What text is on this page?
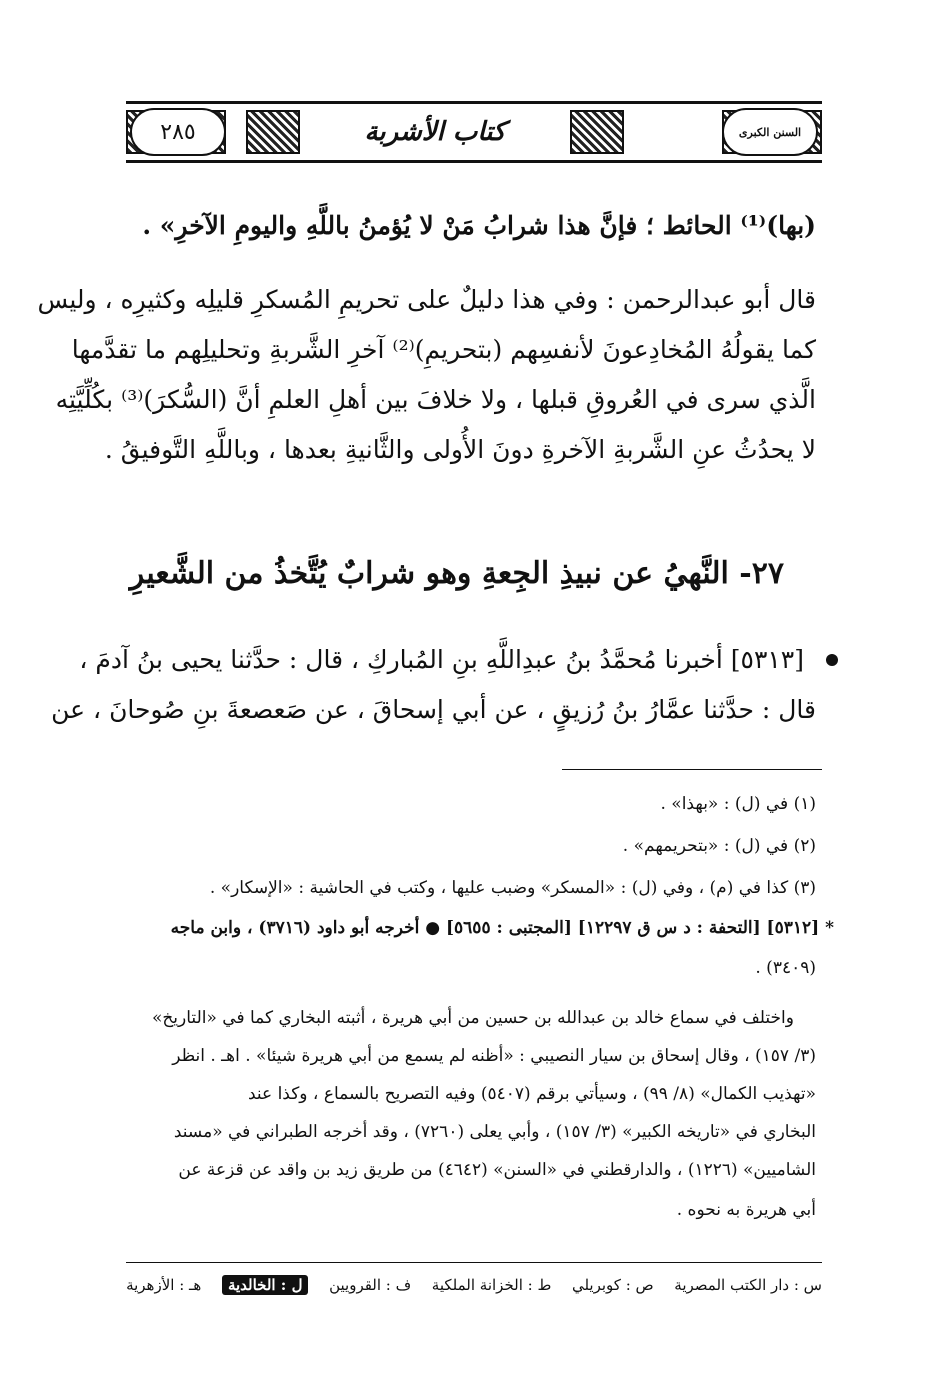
السنن الكبرى
كتاب الأشربة
٢٨٥
(بها)⁽¹⁾ الحائط ؛ فإنَّ هذا شرابُ مَنْ لا يُؤمنُ باللَّهِ واليومِ الآخرِ» .
قال أبو عبدالرحمن : وفي هذا دليلٌ على تحريمِ المُسكرِ قليلِه وكثيرِه ، وليس
كما يقولُهُ المُخادِعونَ لأنفسِهم (بتحريمِ)⁽²⁾ آخرِ الشَّربةِ وتحليلِهم ما تقدَّمها
الَّذي سرى في العُروقِ قبلها ، ولا خلافَ بين أهلِ العلمِ أنَّ (السُّكرَ)⁽³⁾ بكُلِّيَّتِه
لا يحدُثُ عنِ الشَّربةِ الآخرةِ دونَ الأُولى والثَّانيةِ بعدها ، وباللَّهِ التَّوفيقُ .
٢٧- النَّهيُ عن نبيذِ الجِعةِ وهو شرابٌ يُتَّخذُ من الشَّعيرِ
[٥٣١٣] أخبرنا مُحمَّدُ بنُ عبدِاللَّهِ بنِ المُباركِ ، قال : حدَّثنا يحيى بنُ آدمَ ،
قال : حدَّثنا عمَّارُ بنُ رُزيقٍ ، عن أبي إسحاقَ ، عن صَعصعةَ بنِ صُوحانَ ، عن
(١) في (ل) : «بهذا» .
(٢) في (ل) : «بتحريمهم» .
(٣) كذا في (م) ، وفي (ل) : «المسكر» وضبب عليها ، وكتب في الحاشية : «الإسكار» .
* [٥٣١٢] [التحفة : د س ق ١٢٢٩٧] [المجتبى : ٥٦٥٥] ● أخرجه أبو داود (٣٧١٦) ، وابن ماجه
(٣٤٠٩) .
واختلف في سماع خالد بن عبدالله بن حسين من أبي هريرة ، أثبته البخاري كما في «التاريخ»
(٣/ ١٥٧) ، وقال إسحاق بن سيار النصيبي : «أظنه لم يسمع من أبي هريرة شيئا» . اهـ . انظر
«تهذيب الكمال» (٨/ ٩٩) ، وسيأتي برقم (٥٤٠٧) وفيه التصريح بالسماع ، وكذا عند
البخاري في «تاريخه الكبير» (٣/ ١٥٧) ، وأبي يعلى (٧٢٦٠) ، وقد أخرجه الطبراني في «مسند
الشاميين» (١٢٢٦) ، والدارقطني في «السنن» (٤٦٤٢) من طريق زيد بن واقد عن قزعة عن
أبي هريرة به نحوه .
س : دار الكتب المصرية
ص : كوبريلي
ط : الخزانة الملكية
ف : القرويين
ل : الخالدية
هـ : الأزهرية
